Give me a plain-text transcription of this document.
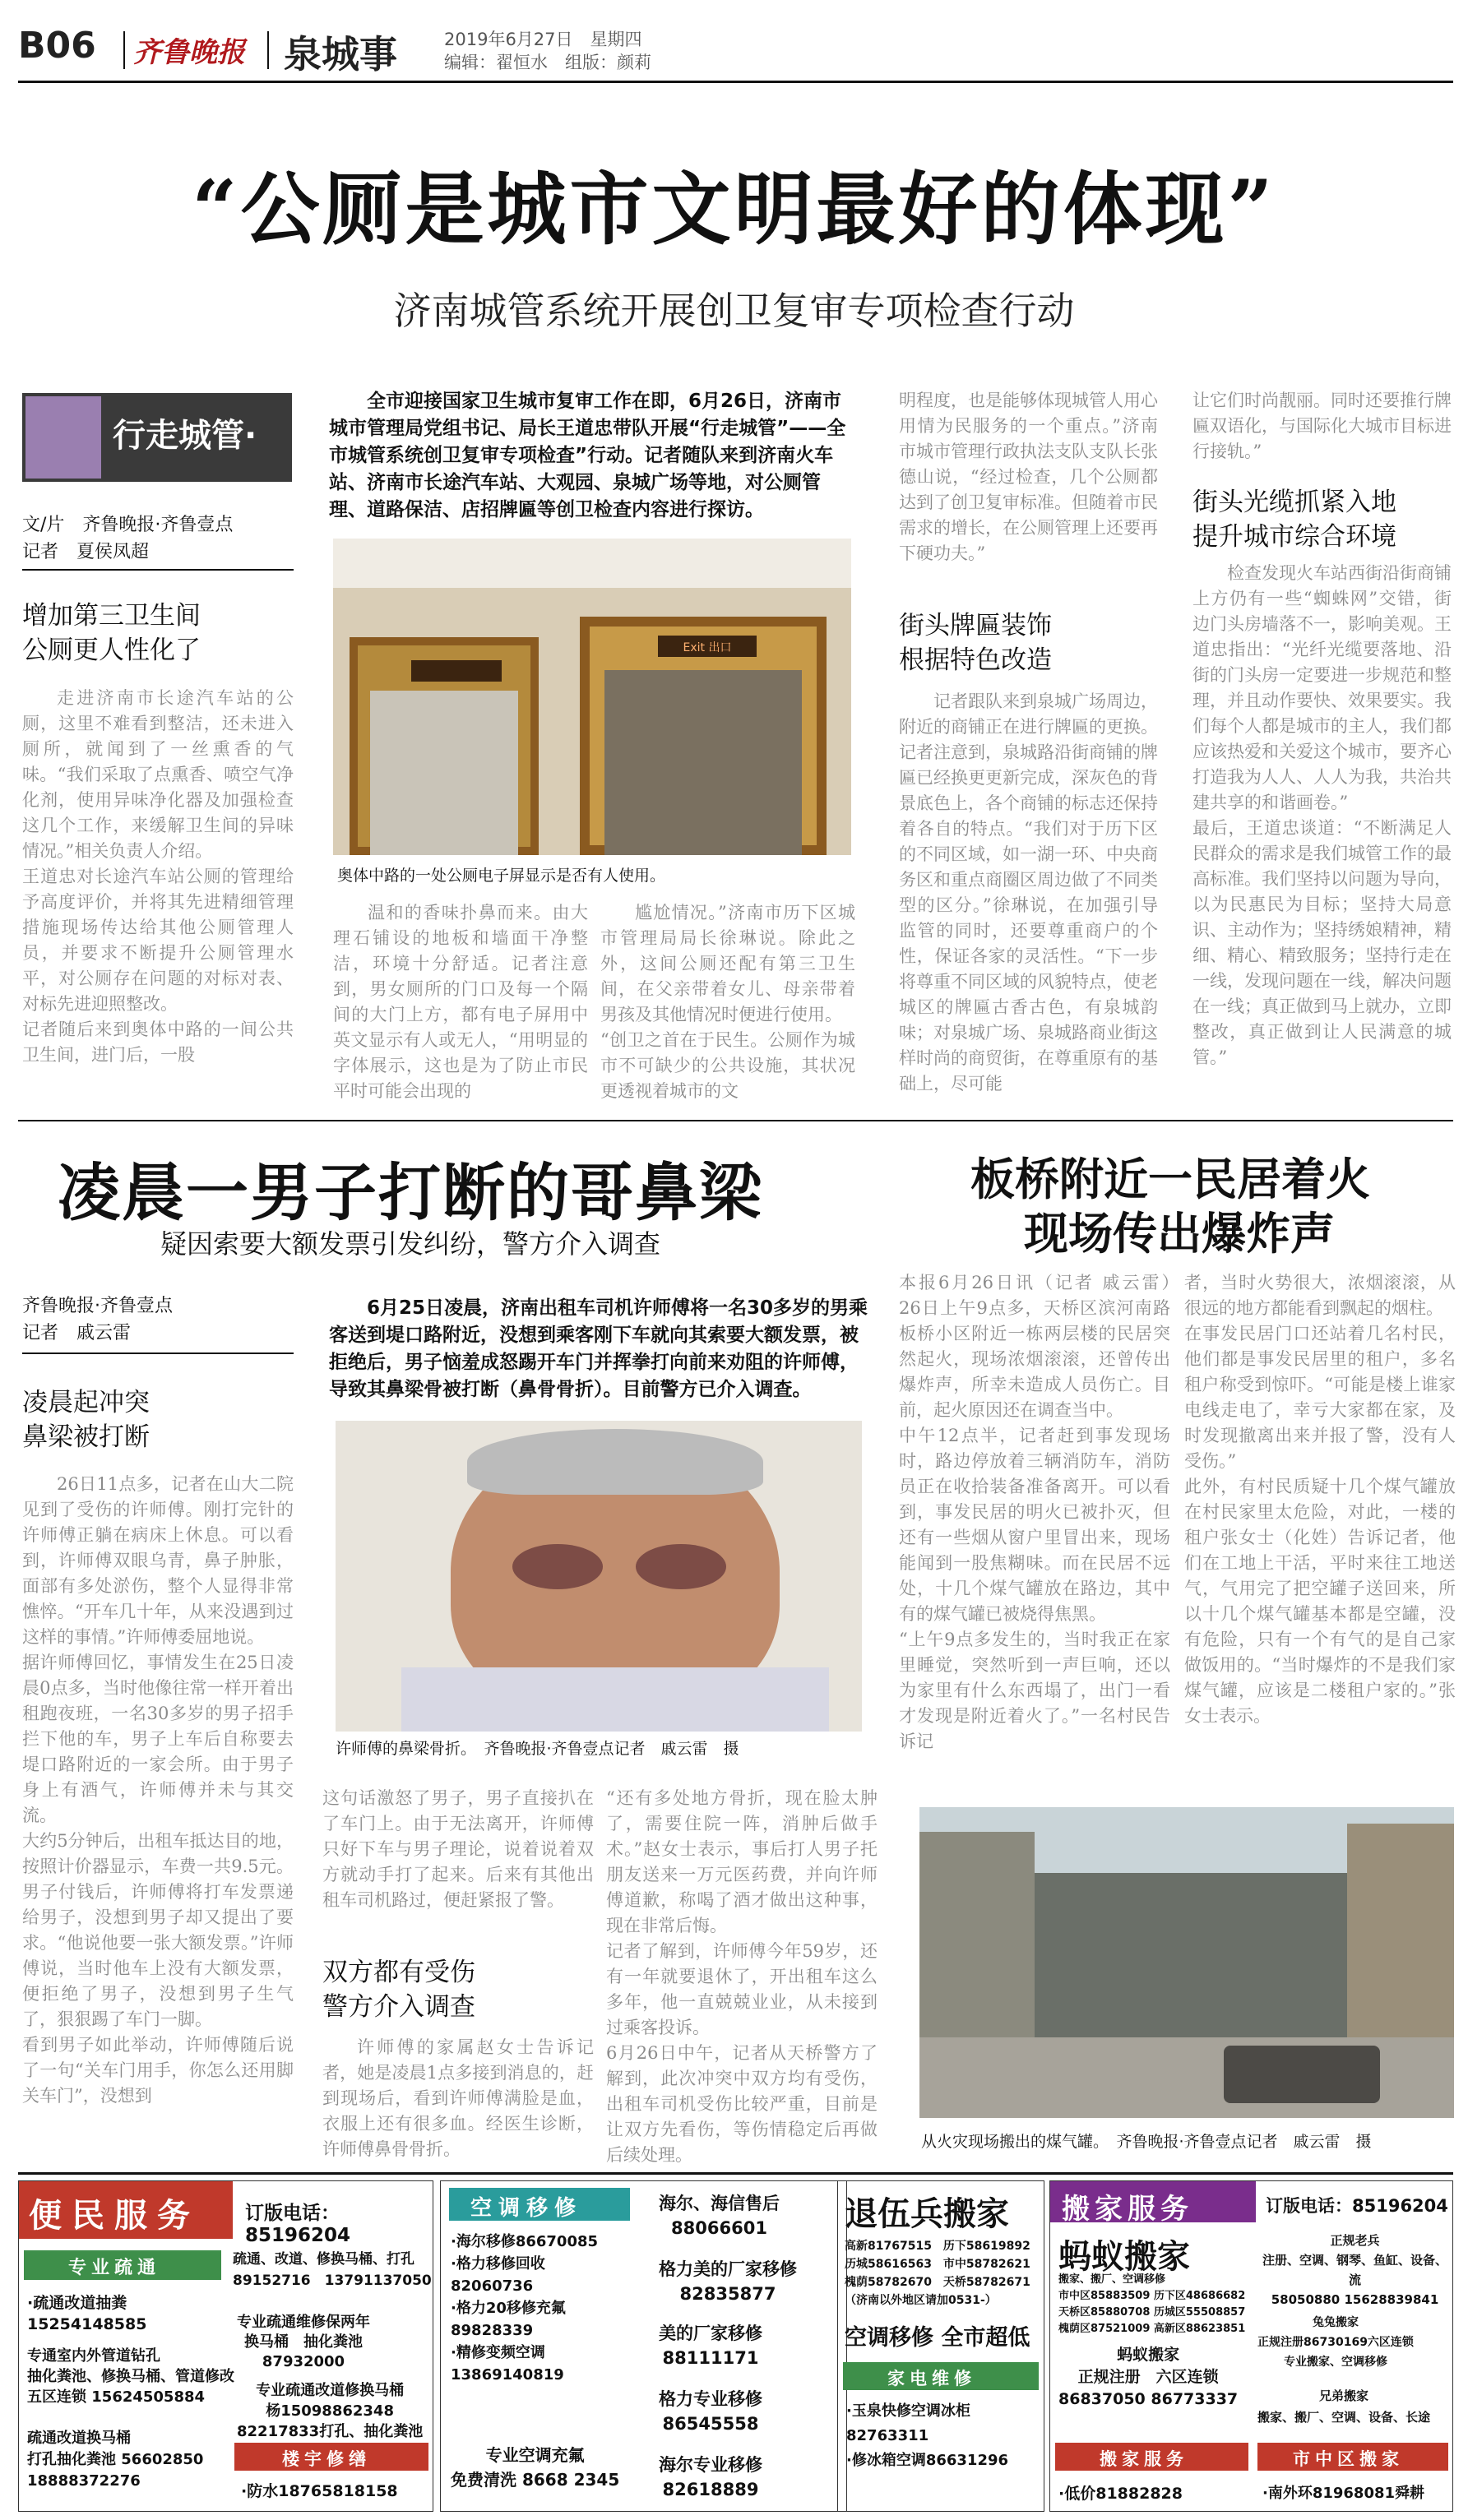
B06 齐鲁晚报 泉城事	2019年6月27日　星期四
编辑：翟恒水　组版：颜莉
“公厕是城市文明最好的体现”
济南城管系统开展创卫复审专项检查行动
行走城管·
文/片　齐鲁晚报·齐鲁壹点
记者　夏侯凤超
增加第三卫生间
公厕更人性化了
走进济南市长途汽车站的公厕，这里不难看到整洁，还未进入厕所，就闻到了一丝熏香的气味。“我们采取了点熏香、喷空气净化剂，使用异味净化器及加强检查这几个工作，来缓解卫生间的异味情况。”相关负责人介绍。
王道忠对长途汽车站公厕的管理给予高度评价，并将其先进精细管理措施现场传达给其他公厕管理人员，并要求不断提升公厕管理水平，对公厕存在问题的对标对表、对标先进迎照整改。
记者随后来到奥体中路的一间公共卫生间，进门后，一股
全市迎接国家卫生城市复审工作在即，6月26日，济南市城市管理局党组书记、局长王道忠带队开展“行走城管”——全市城管系统创卫复审专项检查”行动。记者随队来到济南火车站、济南市长途汽车站、大观园、泉城广场等地，对公厕管理、道路保洁、店招牌匾等创卫检查内容进行探访。
Exit 出口
奥体中路的一处公厕电子屏显示是否有人使用。
温和的香味扑鼻而来。由大理石铺设的地板和墙面干净整洁，环境十分舒适。记者注意到，男女厕所的门口及每一个隔间的大门上方，都有电子屏用中英文显示有人或无人，“用明显的字体展示，这也是为了防止市民平时可能会出现的
尴尬情况。”济南市历下区城市管理局局长徐琳说。除此之外，这间公厕还配有第三卫生间，在父亲带着女儿、母亲带着男孩及其他情况时便进行使用。
“创卫之首在于民生。公厕作为城市不可缺少的公共设施，其状况更透视着城市的文
明程度，也是能够体现城管人用心用情为民服务的一个重点。”济南市城市管理行政执法支队支队长张德山说，“经过检查，几个公厕都达到了创卫复审标准。但随着市民需求的增长，在公厕管理上还要再下硬功夫。”
街头牌匾装饰
根据特色改造
记者跟队来到泉城广场周边，附近的商铺正在进行牌匾的更换。记者注意到，泉城路沿街商铺的牌匾已经换更更新完成，深灰色的背景底色上，各个商铺的标志还保持着各自的特点。“我们对于历下区的不同区域，如一湖一环、中央商务区和重点商圈区周边做了不同类型的区分。”徐琳说，在加强引导监管的同时，还要尊重商户的个性，保证各家的灵活性。“下一步将尊重不同区域的风貌特点，使老城区的牌匾古香古色，有泉城韵味；对泉城广场、泉城路商业街这样时尚的商贸街，在尊重原有的基础上，尽可能
让它们时尚靓丽。同时还要推行牌匾双语化，与国际化大城市目标进行接轨。”
街头光缆抓紧入地
提升城市综合环境
检查发现火车站西街沿街商铺上方仍有一些“蜘蛛网”交错，街边门头房墙落不一，影响美观。王道忠指出：“光纤光缆要落地、沿街的门头房一定要进一步规范和整理，并且动作要快、效果要实。我们每个人都是城市的主人，我们都应该热爱和关爱这个城市，要齐心打造我为人人、人人为我，共治共建共享的和谐画卷。”
最后，王道忠谈道：“不断满足人民群众的需求是我们城管工作的最高标准。我们坚持以问题为导向，以为民惠民为目标；坚持大局意识、主动作为；坚持绣娘精神，精细、精心、精致服务；坚持行走在一线，发现问题在一线，解决问题在一线；真正做到马上就办，立即整改，真正做到让人民满意的城管。”
凌晨一男子打断的哥鼻梁
疑因索要大额发票引发纠纷，警方介入调查
齐鲁晚报·齐鲁壹点
记者　戚云雷
凌晨起冲突
鼻梁被打断
26日11点多，记者在山大二院见到了受伤的许师傅。刚打完针的许师傅正躺在病床上休息。可以看到，许师傅双眼乌青，鼻子肿胀，面部有多处淤伤，整个人显得非常憔悴。“开车几十年，从来没遇到过这样的事情。”许师傅委屈地说。
据许师傅回忆，事情发生在25日凌晨0点多，当时他像往常一样开着出租跑夜班，一名30多岁的男子招手拦下他的车，男子上车后自称要去堤口路附近的一家会所。由于男子身上有酒气，许师傅并未与其交流。
大约5分钟后，出租车抵达目的地，按照计价器显示，车费一共9.5元。男子付钱后，许师傅将打车发票递给男子，没想到男子却又提出了要求。“他说他要一张大额发票。”许师傅说，当时他车上没有大额发票，便拒绝了男子，没想到男子生气了，狠狠踢了车门一脚。
看到男子如此举动，许师傅随后说了一句“关车门用手，你怎么还用脚关车门”，没想到
6月25日凌晨，济南出租车司机许师傅将一名30多岁的男乘客送到堤口路附近，没想到乘客刚下车就向其索要大额发票，被拒绝后，男子恼羞成怒踢开车门并挥拳打向前来劝阻的许师傅，导致其鼻梁骨被打断（鼻骨骨折）。目前警方已介入调查。
许师傅的鼻梁骨折。　齐鲁晚报·齐鲁壹点记者　戚云雷　摄
这句话激怒了男子，男子直接扒在了车门上。由于无法离开，许师傅只好下车与男子理论，说着说着双方就动手打了起来。后来有其他出租车司机路过，便赶紧报了警。
双方都有受伤
警方介入调查
许师傅的家属赵女士告诉记者，她是凌晨1点多接到消息的，赶到现场后，看到许师傅满脸是血，衣服上还有很多血。经医生诊断，许师傅鼻骨骨折。
“还有多处地方骨折，现在脸太肿了，需要住院一阵，消肿后做手术。”赵女士表示，事后打人男子托朋友送来一万元医药费，并向许师傅道歉，称喝了酒才做出这种事，现在非常后悔。
记者了解到，许师傅今年59岁，还有一年就要退休了，开出租车这么多年，他一直兢兢业业，从未接到过乘客投诉。
6月26日中午，记者从天桥警方了解到，此次冲突中双方均有受伤，出租车司机受伤比较严重，目前是让双方先看伤，等伤情稳定后再做后续处理。
板桥附近一民居着火
现场传出爆炸声
本报6月26日讯（记者 戚云雷）　26日上午9点多，天桥区滨河南路板桥小区附近一栋两层楼的民居突然起火，现场浓烟滚滚，还曾传出爆炸声，所幸未造成人员伤亡。目前，起火原因还在调查当中。
中午12点半，记者赶到事发现场时，路边停放着三辆消防车，消防员正在收拾装备准备离开。可以看到，事发民居的明火已被扑灭，但还有一些烟从窗户里冒出来，现场能闻到一股焦糊味。而在民居不远处，十几个煤气罐放在路边，其中有的煤气罐已被烧得焦黑。
“上午9点多发生的，当时我正在家里睡觉，突然听到一声巨响，还以为家里有什么东西塌了，出门一看才发现是附近着火了。”一名村民告诉记
者，当时火势很大，浓烟滚滚，从很远的地方都能看到飘起的烟柱。
在事发民居门口还站着几名村民，他们都是事发民居里的租户，多名租户称受到惊吓。“可能是楼上谁家电线走电了，幸亏大家都在家，及时发现撤离出来并报了警，没有人受伤。”
此外，有村民质疑十几个煤气罐放在村民家里太危险，对此，一楼的租户张女士（化姓）告诉记者，他们在工地上干活，平时来往工地送气，气用完了把空罐子送回来，所以十几个煤气罐基本都是空罐，没有危险，只有一个有气的是自己家做饭用的。“当时爆炸的不是我们家煤气罐，应该是二楼租户家的。”张女士表示。
从火灾现场搬出的煤气罐。　齐鲁晚报·齐鲁壹点记者　戚云雷　摄
便民服务 订版电话：85196204
专业疏通
·疏通改道抽粪
15254148585
专通室内外管道钻孔
抽化粪池、修换马桶、管道修改
五区连锁 15624505884
疏通改道换马桶
打孔抽化粪池 56602850
18888372276
疏通、改道、修换马桶、打孔
89152716　13791137050
专业疏通维修保两年
换马桶　抽化粪池
87932000
专业疏通改道修换马桶
杨15098862348
82217833打孔、抽化粪池
楼宇修缮
·防水18765818158
空调移修
·海尔移修86670085
·格力移修回收
82060736
·格力20移修充氟
89828339
·精修变频空调
13869140819
专业空调充氟
免费清洗 8668 2345
海尔、海信售后
88066601
格力美的厂家移修
82835877
美的厂家移修
88111171
格力专业移修
86545558
海尔专业移修
82618889
退伍兵搬家
高新81767515　历下58619892
历城58616563　市中58782621
槐荫58782670　天桥58782671
（济南以外地区请加0531-）
空调移修 全市超低
家电维修
·玉泉快修空调冰柜
82763311
·修冰箱空调86631296
搬家服务	订版电话：85196204
蚂蚁搬家
搬家、搬厂、空调移修
市中区85883509 历下区48686682
天桥区85880708 历城区55508857
槐荫区87521009 高新区88623851
蚂蚁搬家
正规注册　六区连锁
86837050 86773337
搬家服务
·低价81882828
正规老兵
注册、空调、钢琴、鱼缸、设备、流
58050880 15628839841
兔兔搬家
正规注册86730169六区连锁
专业搬家、空调移修
兄弟搬家
搬家、搬厂、空调、设备、长途
市中区搬家
·南外环81968081舜耕
